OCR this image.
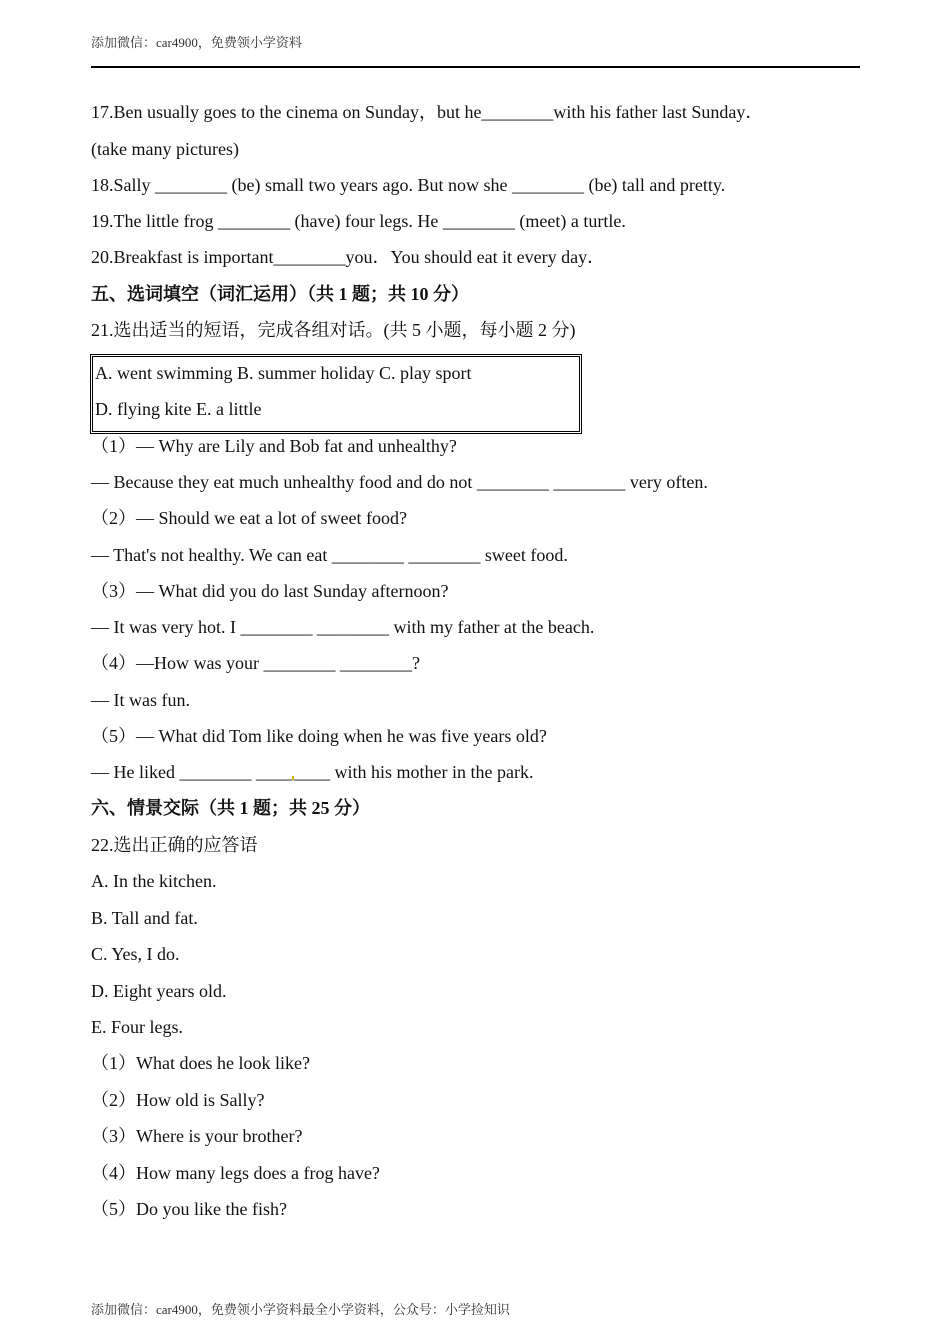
添加微信：car4900，免费领小学资料
17.Ben usually goes to the cinema on Sunday，but he________with his father last Sunday．
(take many pictures)
18.Sally ________ (be) small two years ago. But now she ________ (be) tall and pretty.
19.The little frog ________ (have) four legs. He ________ (meet) a turtle.
20.Breakfast is important________you．You should eat it every day．
五、选词填空（词汇运用）（共 1 题；共 10 分）
21.选出适当的短语，完成各组对话。(共 5 小题，每小题 2 分)
A. went swimming B. summer holiday C. play sport
D. flying kite E. a little
（1）— Why are Lily and Bob fat and unhealthy?
— Because they eat much unhealthy food and do not ________ ________ very often.
（2）— Should we eat a lot of sweet food?
— That's not healthy. We can eat ________ ________ sweet food.
（3）— What did you do last Sunday afternoon?
— It was very hot. I ________ ________ with my father at the beach.
（4）—How was your ________ ________?
— It was fun.
（5）— What did Tom like doing when he was five years old?
— He liked ________ ____ ____ with his mother in the park.
六、情景交际（共 1 题；共 25 分）
22.选出正确的应答语
A. In the kitchen.
B. Tall and fat.
C. Yes, I do.
D. Eight years old.
E. Four legs.
（1）What does he look like?
（2）How old is Sally?
（3）Where is your brother?
（4）How many legs does a frog have?
（5）Do you like the fish?
添加微信：car4900，免费领小学资料最全小学资料，公众号：小学捡知识
